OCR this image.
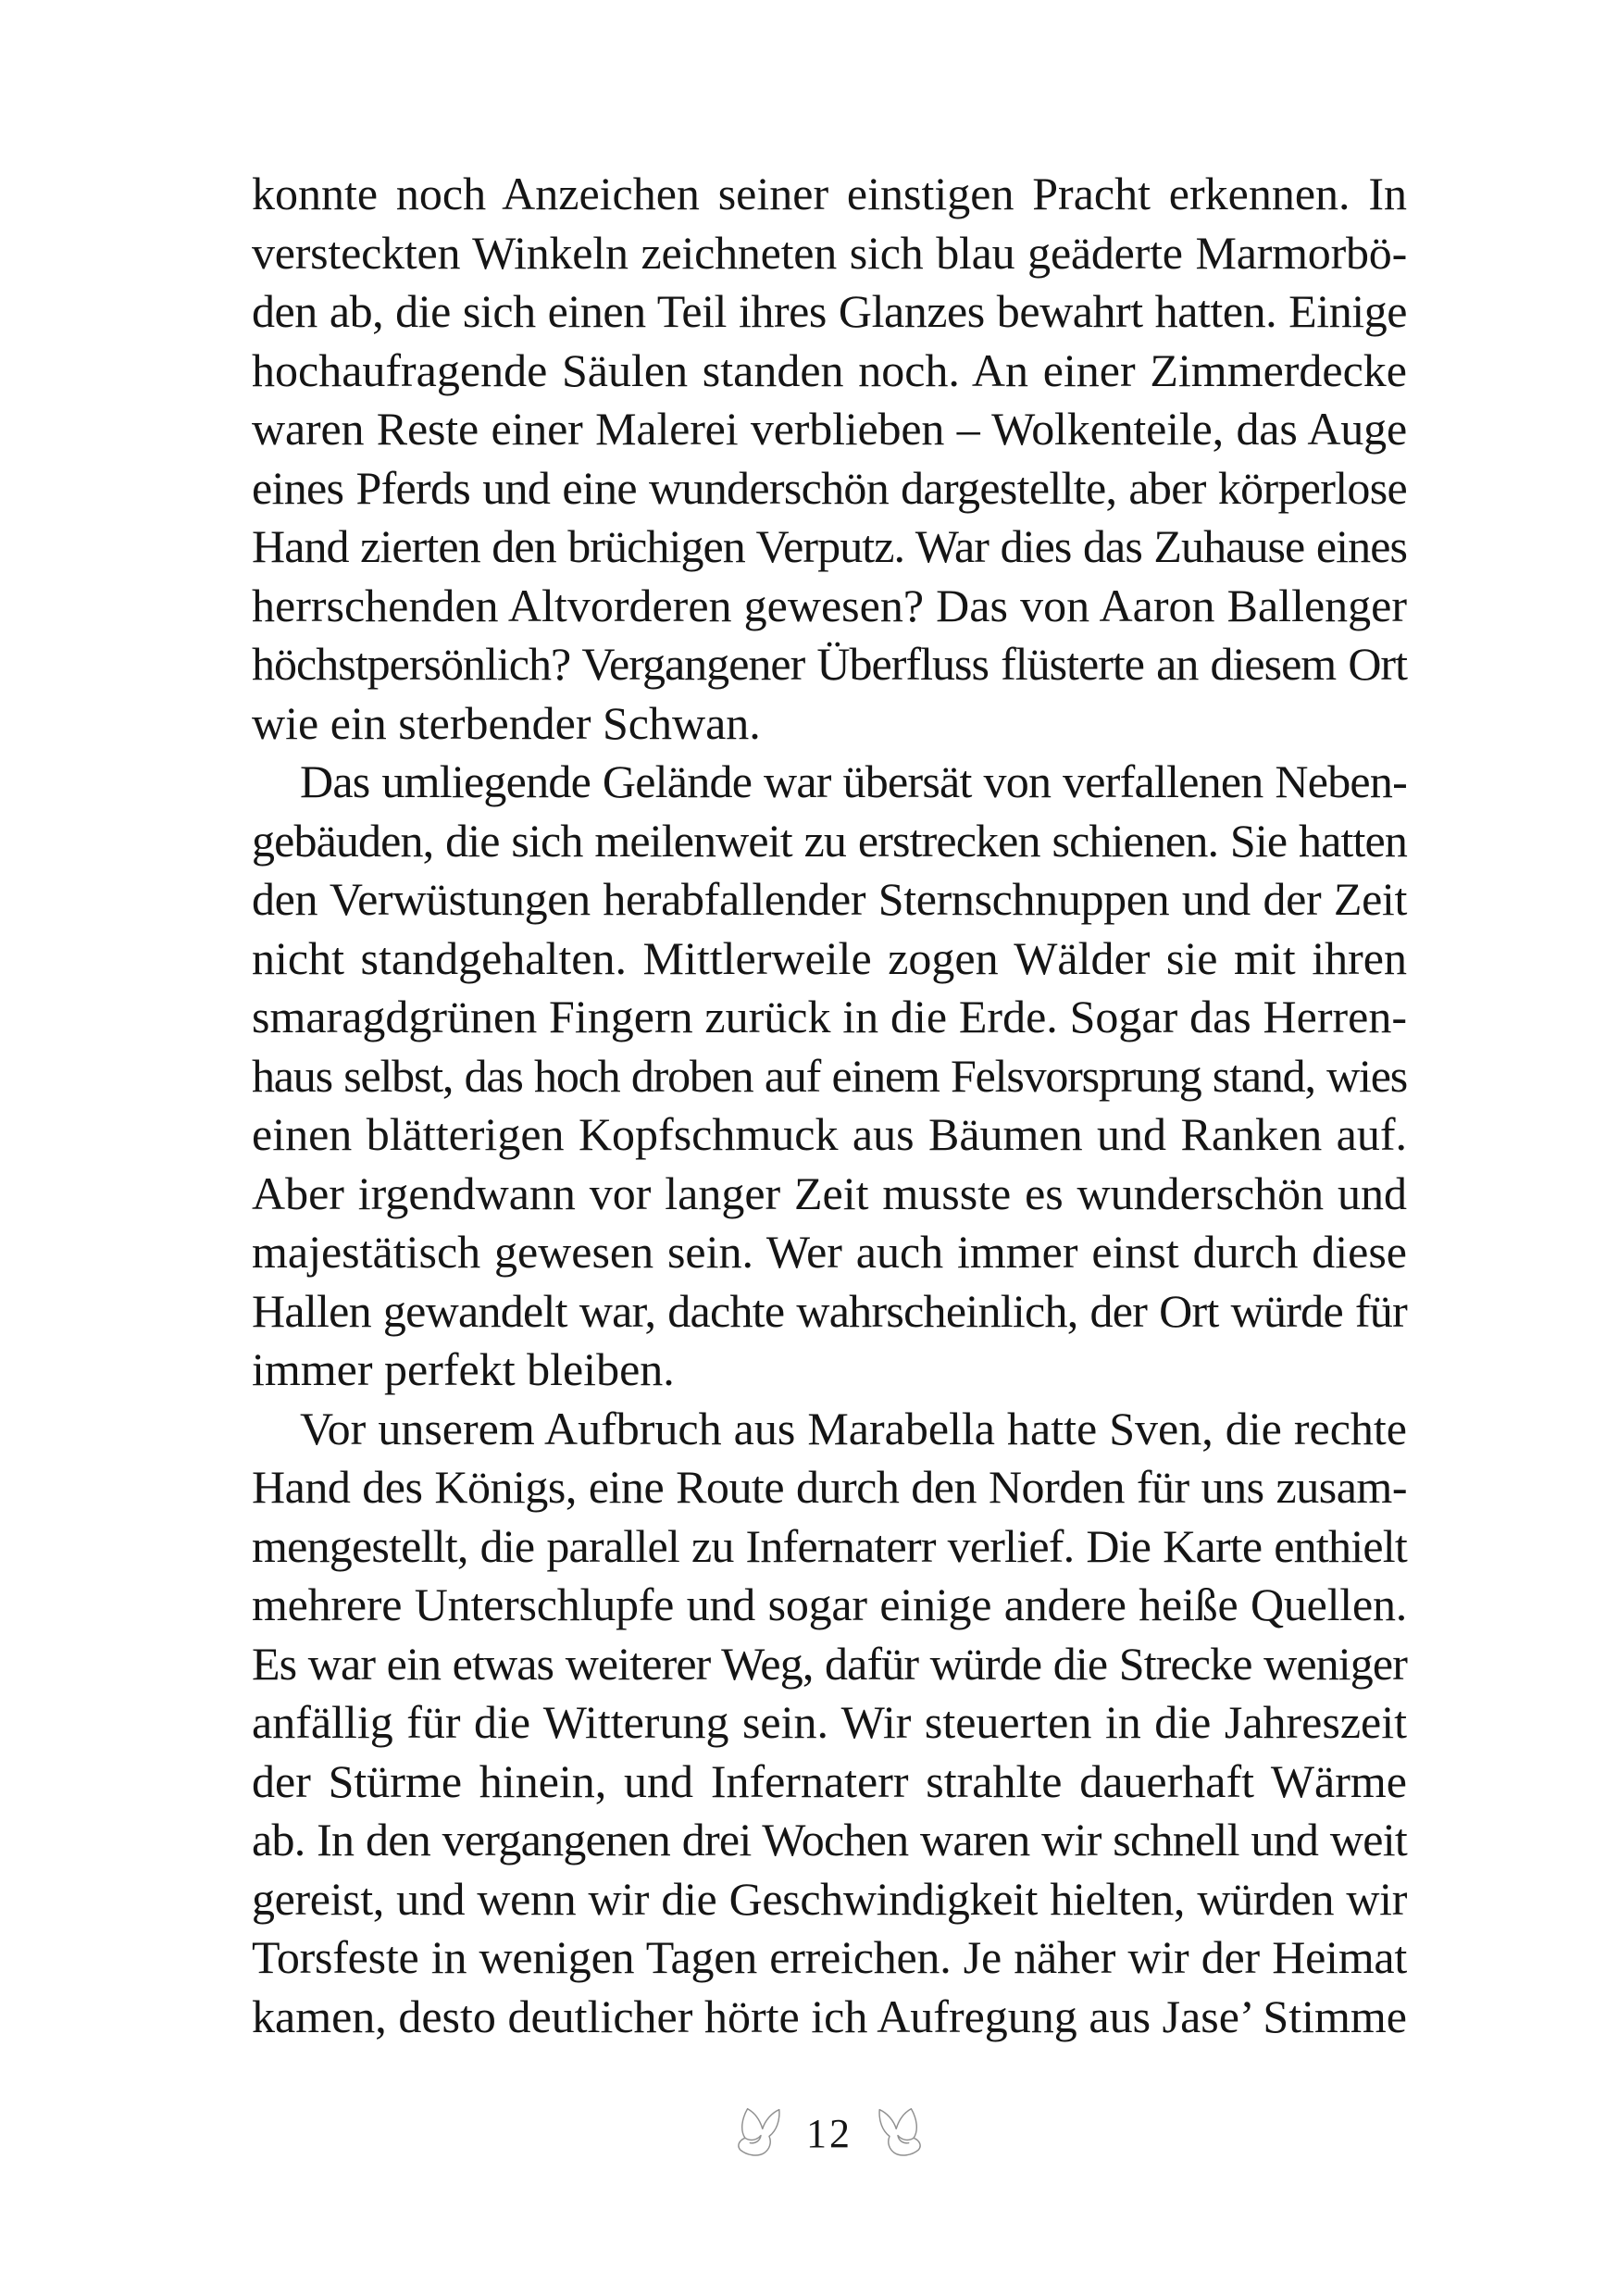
konnte noch Anzeichen seiner einstigen Pracht erkennen. In
versteckten Winkeln zeichneten sich blau geäderte Marmorbö-
den ab, die sich einen Teil ihres Glanzes bewahrt hatten. Einige
hochaufragende Säulen standen noch. An einer Zimmerdecke
waren Reste einer Malerei verblieben – Wolkenteile, das Auge
eines Pferds und eine wunderschön dargestellte, aber körperlose
Hand zierten den brüchigen Verputz. War dies das Zuhause eines
herrschenden Altvorderen gewesen? Das von Aaron Ballenger
höchstpersönlich? Vergangener Überfluss flüsterte an diesem Ort
wie ein sterbender Schwan.
Das umliegende Gelände war übersät von verfallenen Neben-
gebäuden, die sich meilenweit zu erstrecken schienen. Sie hatten
den Verwüstungen herabfallender Sternschnuppen und der Zeit
nicht standgehalten. Mittlerweile zogen Wälder sie mit ihren
smaragdgrünen Fingern zurück in die Erde. Sogar das Herren-
haus selbst, das hoch droben auf einem Felsvorsprung stand, wies
einen blätterigen Kopfschmuck aus Bäumen und Ranken auf.
Aber irgendwann vor langer Zeit musste es wunderschön und
majestätisch gewesen sein. Wer auch immer einst durch diese
Hallen gewandelt war, dachte wahrscheinlich, der Ort würde für
immer perfekt bleiben.
Vor unserem Aufbruch aus Marabella hatte Sven, die rechte
Hand des Königs, eine Route durch den Norden für uns zusam-
mengestellt, die parallel zu Infernaterr verlief. Die Karte enthielt
mehrere Unterschlupfe und sogar einige andere heiße Quellen.
Es war ein etwas weiterer Weg, dafür würde die Strecke weniger
anfällig für die Witterung sein. Wir steuerten in die Jahreszeit
der Stürme hinein, und Infernaterr strahlte dauerhaft Wärme
ab. In den vergangenen drei Wochen waren wir schnell und weit
gereist, und wenn wir die Geschwindigkeit hielten, würden wir
Torsfeste in wenigen Tagen erreichen. Je näher wir der Heimat
kamen, desto deutlicher hörte ich Aufregung aus Jase’ Stimme
12
